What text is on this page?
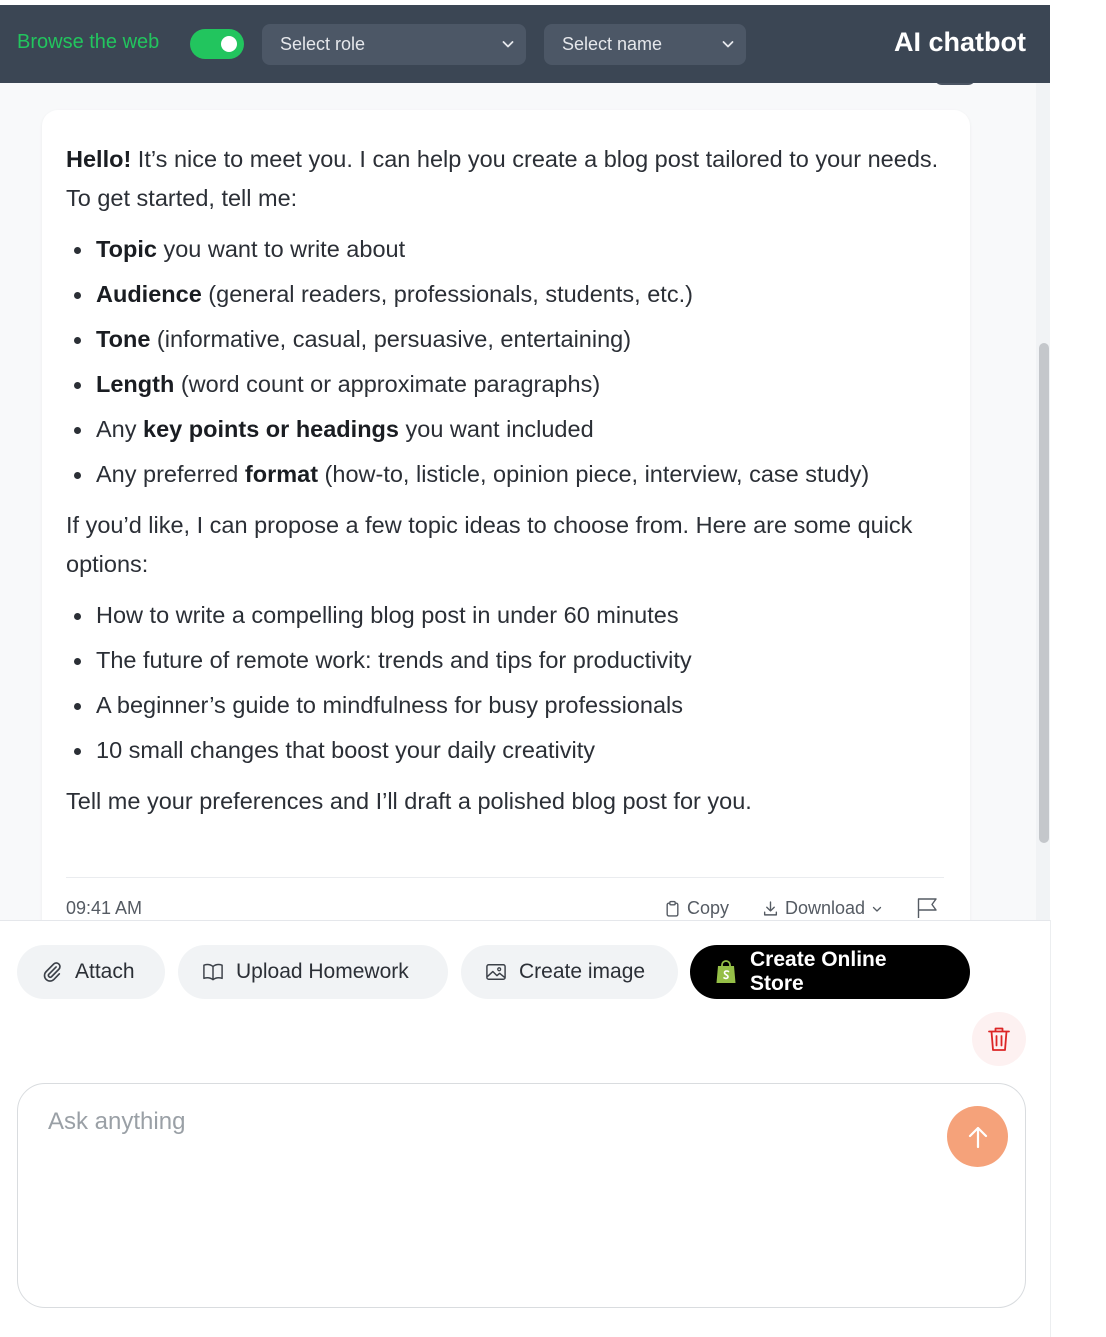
Browse the web	Select role	Select name	AI chatbot

Hello! It’s nice to meet you. I can help you create a blog post tailored to your needs. To get started, tell me:

Topic you want to write about
Audience (general readers, professionals, students, etc.)
Tone (informative, casual, persuasive, entertaining)
Length (word count or approximate paragraphs)
Any key points or headings you want included
Any preferred format (how-to, listicle, opinion piece, interview, case study)

If you’d like, I can propose a few topic ideas to choose from. Here are some quick options:

How to write a compelling blog post in under 60 minutes
The future of remote work: trends and tips for productivity
A beginner’s guide to mindfulness for busy professionals
10 small changes that boost your daily creativity

Tell me your preferences and I’ll draft a polished blog post for you.

09:41 AM	Copy	Download
Attach	Upload Homework	Create image
Create Online Store
Ask anything
